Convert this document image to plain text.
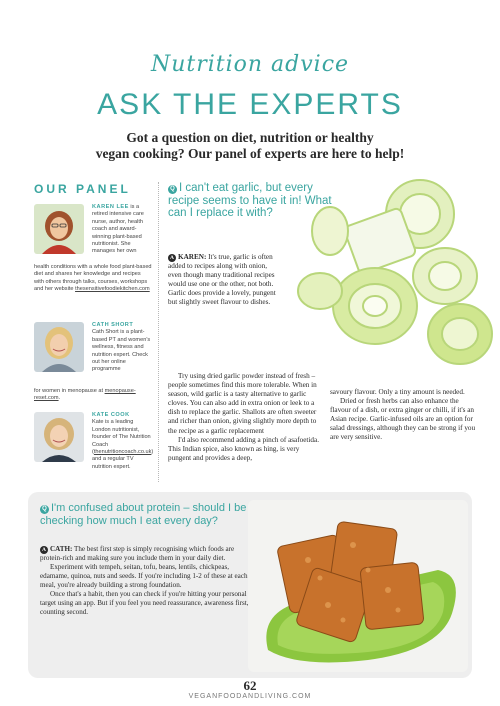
Nutrition advice
ASK THE EXPERTS
Got a question on diet, nutrition or healthy
vegan cooking? Our panel of experts are here to help!
OUR PANEL
KAREN LEE is a retired intensive care nurse, author, health coach and award-winning plant-based nutritionist. She manages her own
health conditions with a whole food plant-based diet and shares her knowledge and recipes with others through talks, courses, workshops and her website thesensitivefoodiekitchen.com
CATH SHORT
Cath Short is a plant-based PT and women's wellness, fitness and nutrition expert. Check out her online programme
for women in menopause at menopause-reset.com.
KATE COOK
Kate is a leading London nutritionist, founder of The Nutrition Coach (thenutritioncoach.co.uk) and a regular TV nutrition expert.
Q I can't eat garlic, but every recipe seems to have it in! What can I replace it with?

A KAREN: It's true, garlic is often added to recipes along with onion, even though many traditional recipes would use one or the other, not both. Garlic does provide a lovely, pungent but slightly sweet flavour to dishes.

Try using dried garlic powder instead of fresh – people sometimes find this more tolerable. When in season, wild garlic is a tasty alternative to garlic cloves. You can also add in extra onion or leek to a dish to replace the garlic. Shallots are often sweeter and richer than onion, giving slightly more depth to the recipe as a garlic replacement

I'd also recommend adding a pinch of asafoetida. This Indian spice, also known as hing, is very pungent and provides a deep,

savoury flavour. Only a tiny amount is needed.

Dried or fresh herbs can also enhance the flavour of a dish, or extra ginger or chilli, if it's an Asian recipe. Garlic-infused oils are an option for salad dressings, although they can be strong if you are very sensitive.

Q I'm confused about protein – should I be checking how much I eat every day?

A CATH: The best first step is simply recognising which foods are protein-rich and making sure you include them in your daily diet.

Experiment with tempeh, seitan, tofu, beans, lentils, chickpeas, edamame, quinoa, nuts and seeds. If you're including 1-2 of these at each meal, you're already building a strong foundation.

Once that's a habit, then you can check if you're hitting your personal target using an app. But if you feel you need reassurance, awareness first, counting second.

62
VEGANFOODANDLIVING.COM
